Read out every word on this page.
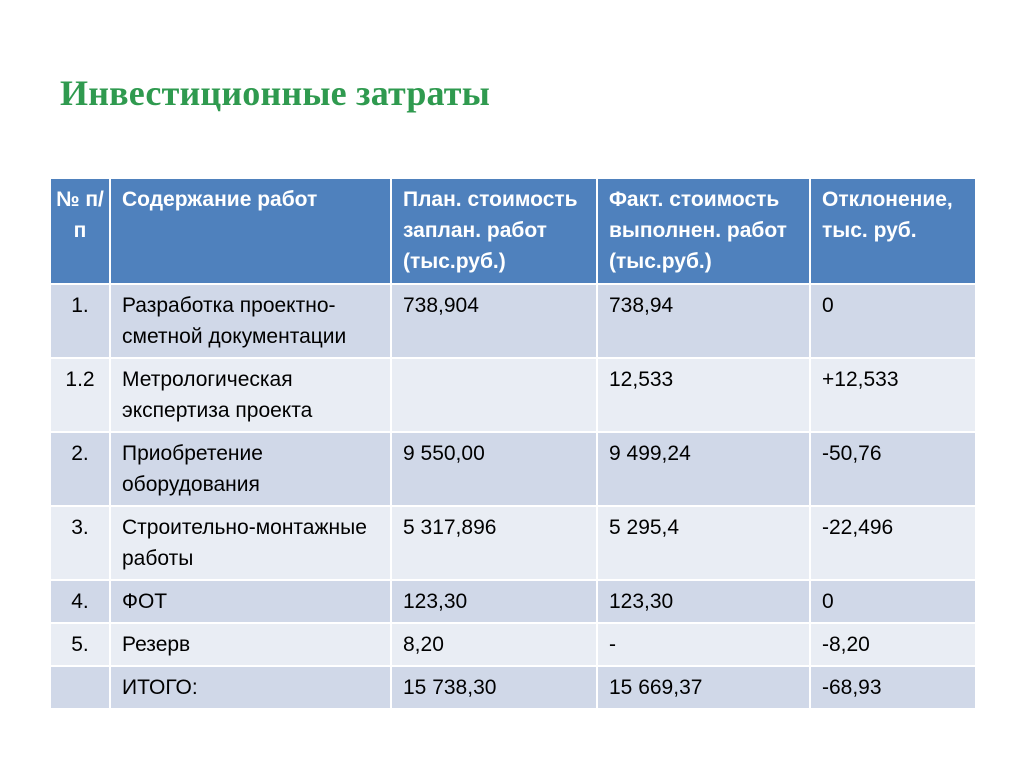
Инвестиционные затраты
№ п/п	Содержание работ	План. стоимость заплан. работ (тыс.руб.)	Факт. стоимость выполнен. работ (тыс.руб.)	Отклонение, тыс. руб.
1.	Разработка проектно-сметной документации	738,904	738,94	0
1.2	Метрологическая экспертиза проекта		12,533	+12,533
2.	Приобретение оборудования	9 550,00	9 499,24	-50,76
3.	Строительно-монтажные работы	5 317,896	5 295,4	-22,496
4.	ФОТ	123,30	123,30	0
5.	Резерв	8,20	-	-8,20
	ИТОГО:	15 738,30	15 669,37	-68,93
